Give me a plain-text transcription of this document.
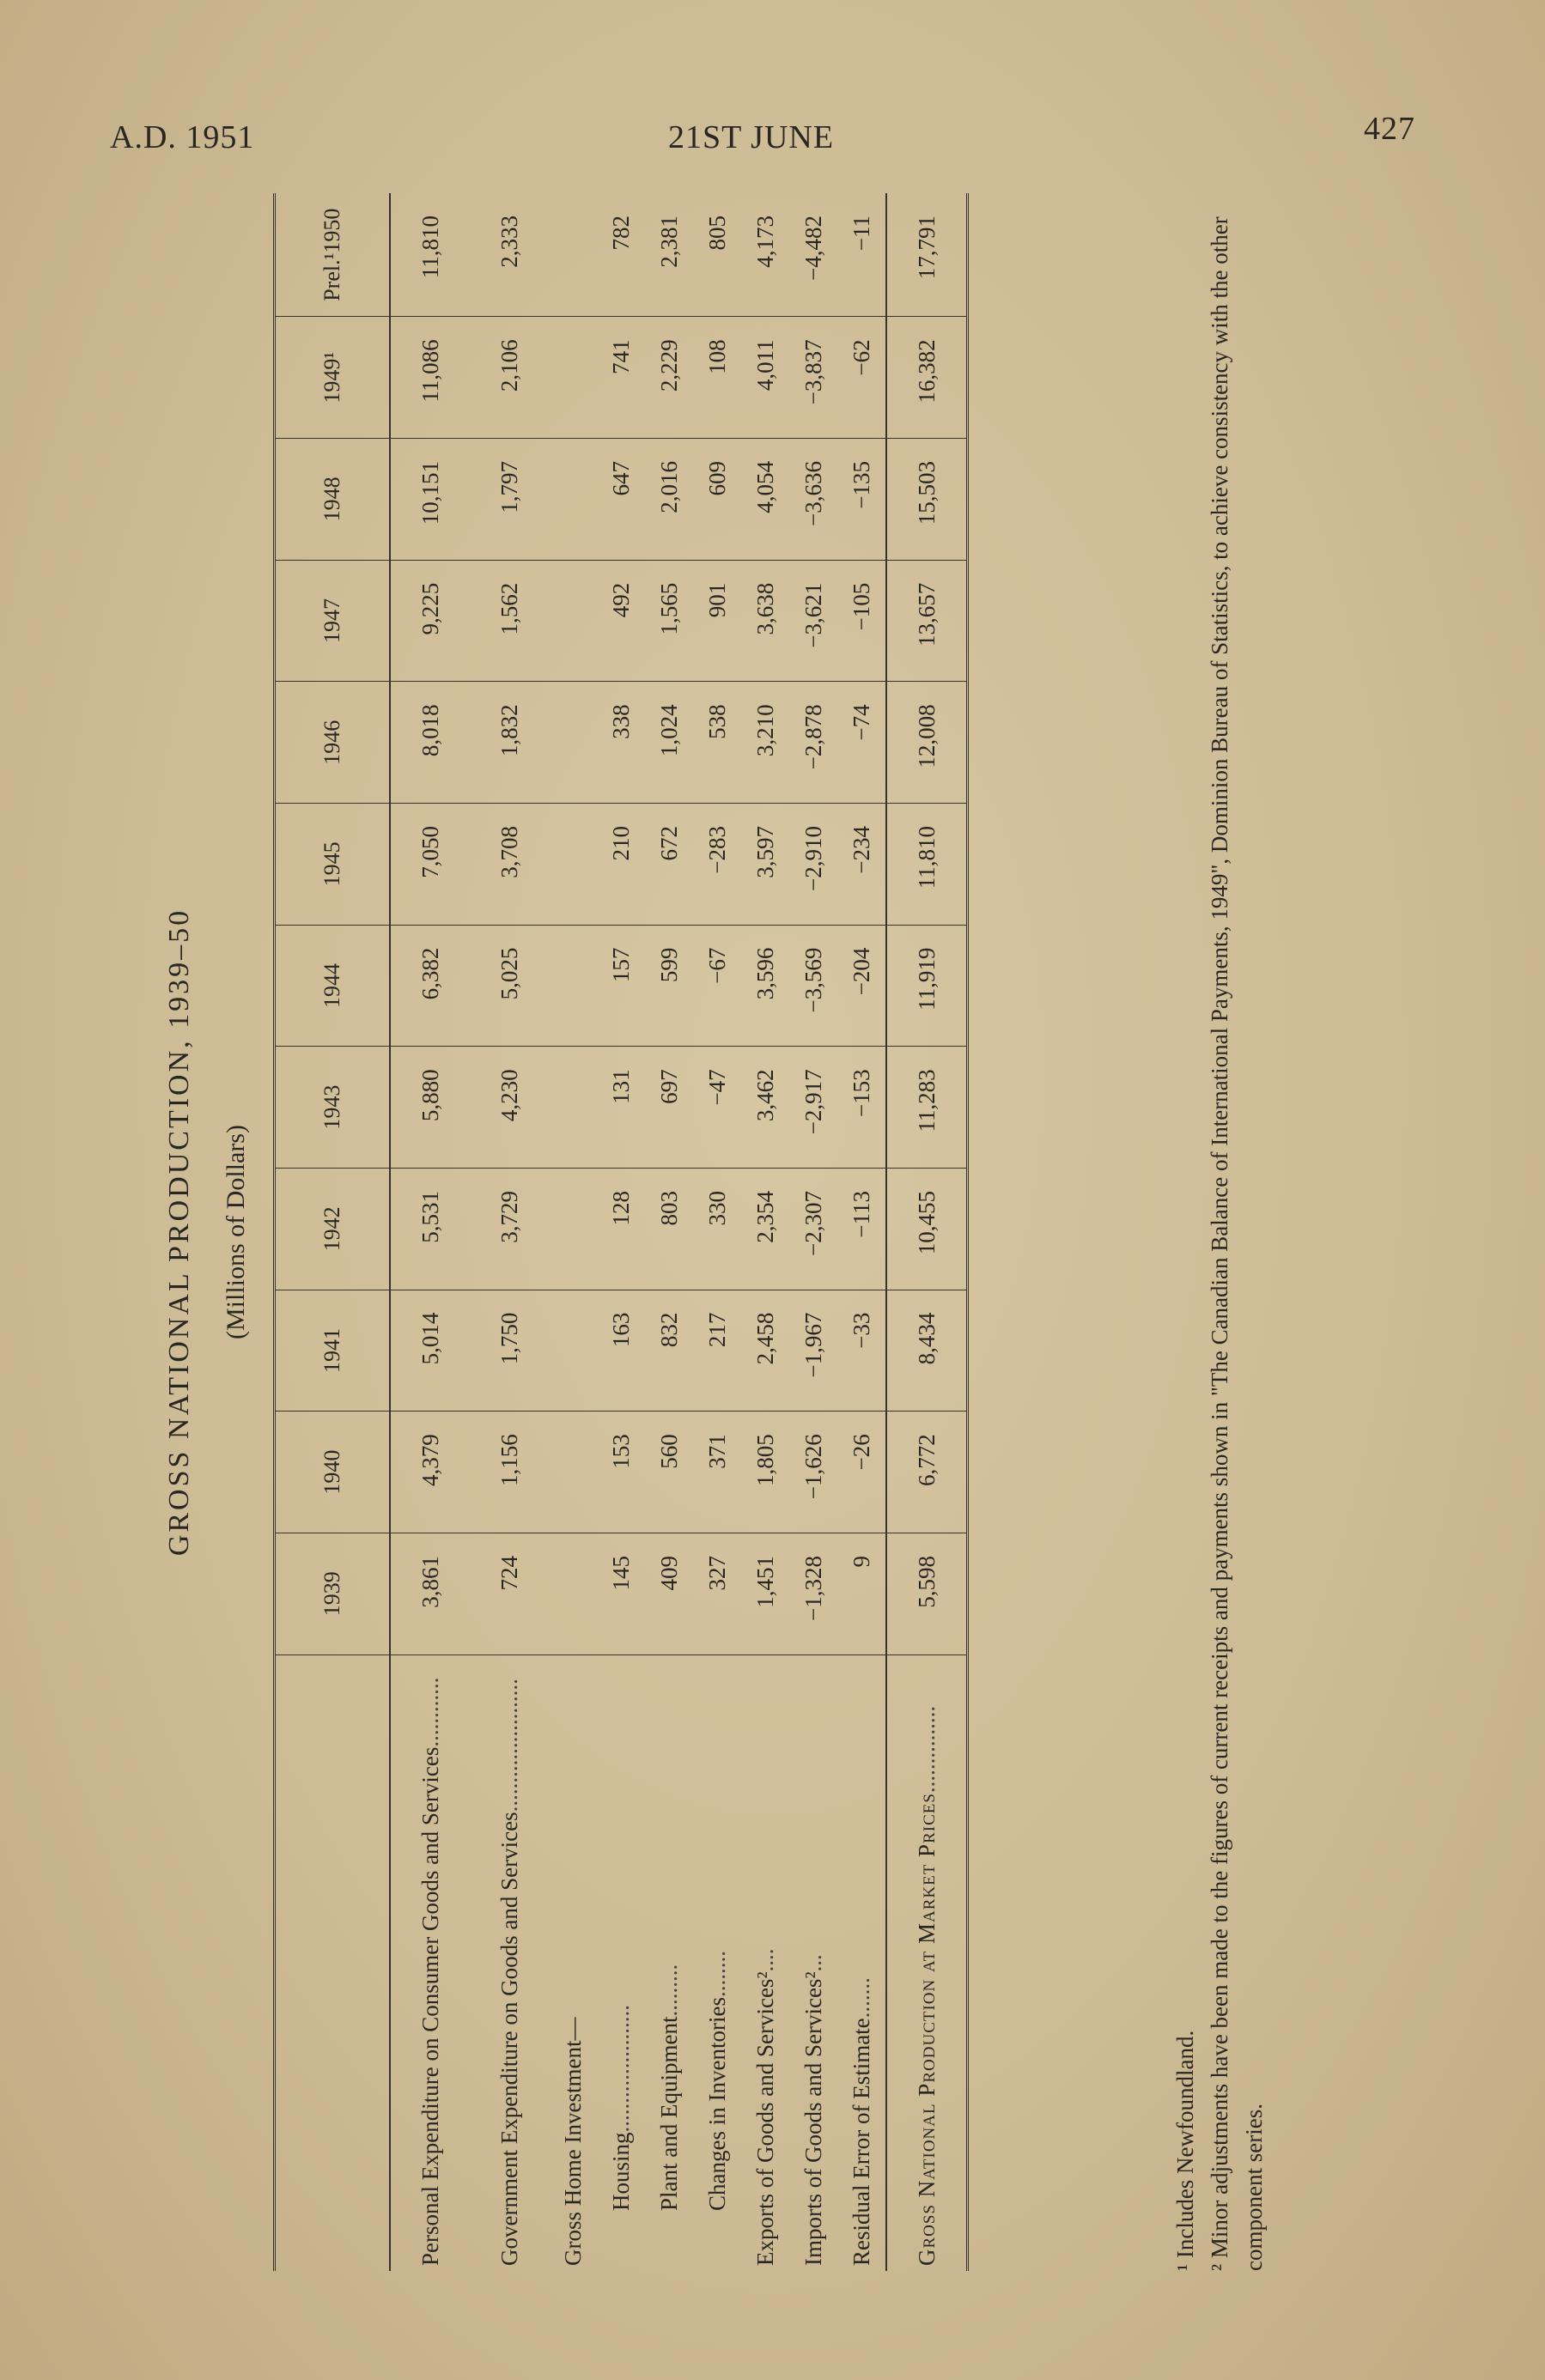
A.D. 1951	21ST JUNE	427
GROSS NATIONAL PRODUCTION, 1939–50 (Millions of Dollars)
	1939	1940	1941	1942	1943	1944	1945	1946	1947	1948	1949¹	Prel.¹1950
Personal Expenditure on Consumer Goods and Services............	3,861	4,379	5,014	5,531	5,880	6,382	7,050	8,018	9,225	10,151	11,086	11,810
Government Expenditure on Goods and Services.......................	724	1,156	1,750	3,729	4,230	5,025	3,708	1,832	1,562	1,797	2,106	2,333
Gross Home Investment—												
Housing......................	145	153	163	128	131	157	210	338	492	647	741	782
Plant and Equipment.........	409	560	832	803	697	599	672	1,024	1,565	2,016	2,229	2,381
Changes in Inventories........	327	371	217	330	−47	−67	−283	538	901	609	108	805
Exports of Goods and Services²....	1,451	1,805	2,458	2,354	3,462	3,596	3,597	3,210	3,638	4,054	4,011	4,173
Imports of Goods and Services²...	−1,328	−1,626	−1,967	−2,307	−2,917	−3,569	−2,910	−2,878	−3,621	−3,636	−3,837	−4,482
Residual Error of Estimate.......	9	−26	−33	−113	−153	−204	−234	−74	−105	−135	−62	−11
Gross National Production at Market Prices...............	5,598	6,772	8,434	10,455	11,283	11,919	11,810	12,008	13,657	15,503	16,382	17,791
¹ Includes Newfoundland. ² Minor adjustments have been made to the figures of current receipts and payments shown in "The Canadian Balance of International Payments, 1949", Dominion Bureau of Statistics, to achieve consistency with the other component series.
